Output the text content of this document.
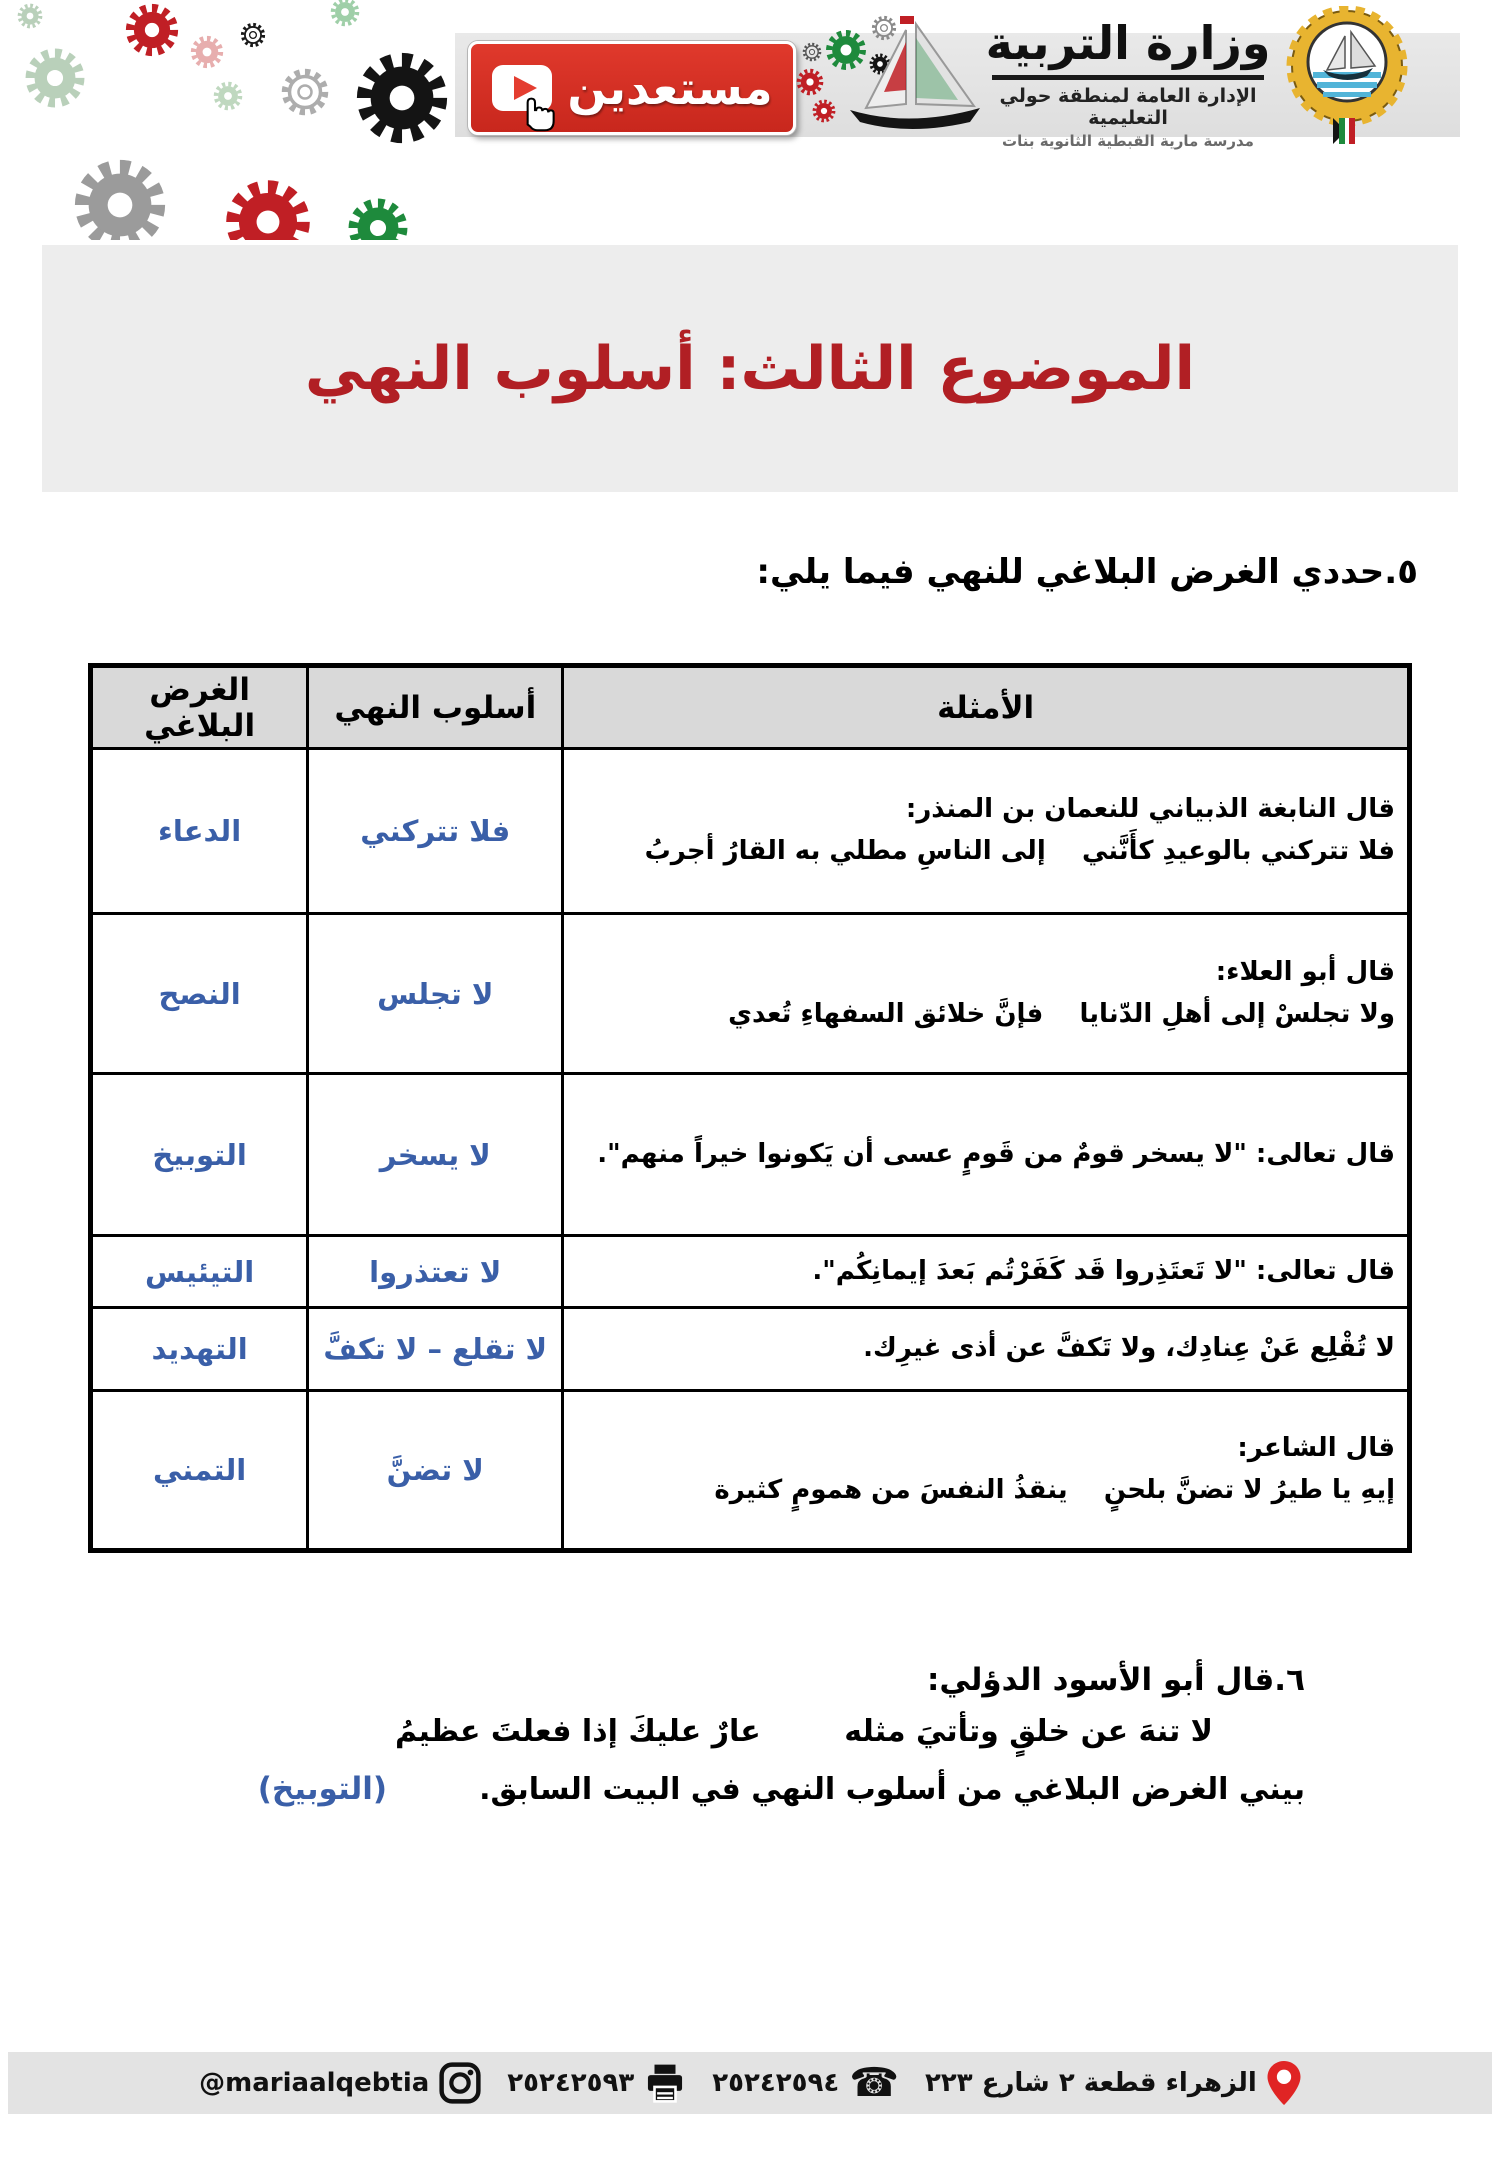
مستعدين
وزارة التربية
الإدارة العامة لمنطقة حولي التعليمية
مدرسة مارية القبطية الثانوية بنات
الموضوع الثالث: أسلوب النهي
٥.حددي الغرض البلاغي للنهي فيما يلي:
الأمثلة	أسلوب النهي	الغرض البلاغي

قال النابغة الذبياني للنعمان بن المنذر:
فلا تتركني بالوعيدِ كأَنَّني    إلى الناسِ مطلي به القارُ أجربُ	فلا تتركني	الدعاء

قال أبو العلاء:
ولا تجلسْ إلى أهلِ الدّنايا    فإنَّ خلائق السفهاءِ تُعدي	لا تجلس	النصح

قال تعالى: "لا يسخر قومٌ من قَومٍ عسى أن يَكونوا خيراً منهم".	لا يسخر	التوبيخ

قال تعالى: "لا تَعتَذِروا قَد كَفَرْتُم بَعدَ إيمانِكُم".	لا تعتذروا	التيئيس

لا تُقْلِع عَنْ عِنادِك، ولا تَكفَّ عن أذى غيرِك.	لا تقلع – لا تكفَّ	التهديد

قال الشاعر:
إيهِ يا طيرُ لا تضنَّ بلحنٍ    ينقذُ النفسَ من همومٍ كثيرة	لا تضنَّ	التمني
٦.قال أبو الأسود الدؤلي:
لا تنهَ عن خلقٍ وتأتيَ مثله        عارٌ عليكَ إذا فعلتَ عظيمُ
بيني الغرض البلاغي من أسلوب النهي في البيت السابق.
(التوبيخ)
الزهراء قطعة ٢ شارع ٢٢٣
☎
٢٥٢٤٢٥٩٤
٢٥٢٤٢٥٩٣
@mariaalqebtia
